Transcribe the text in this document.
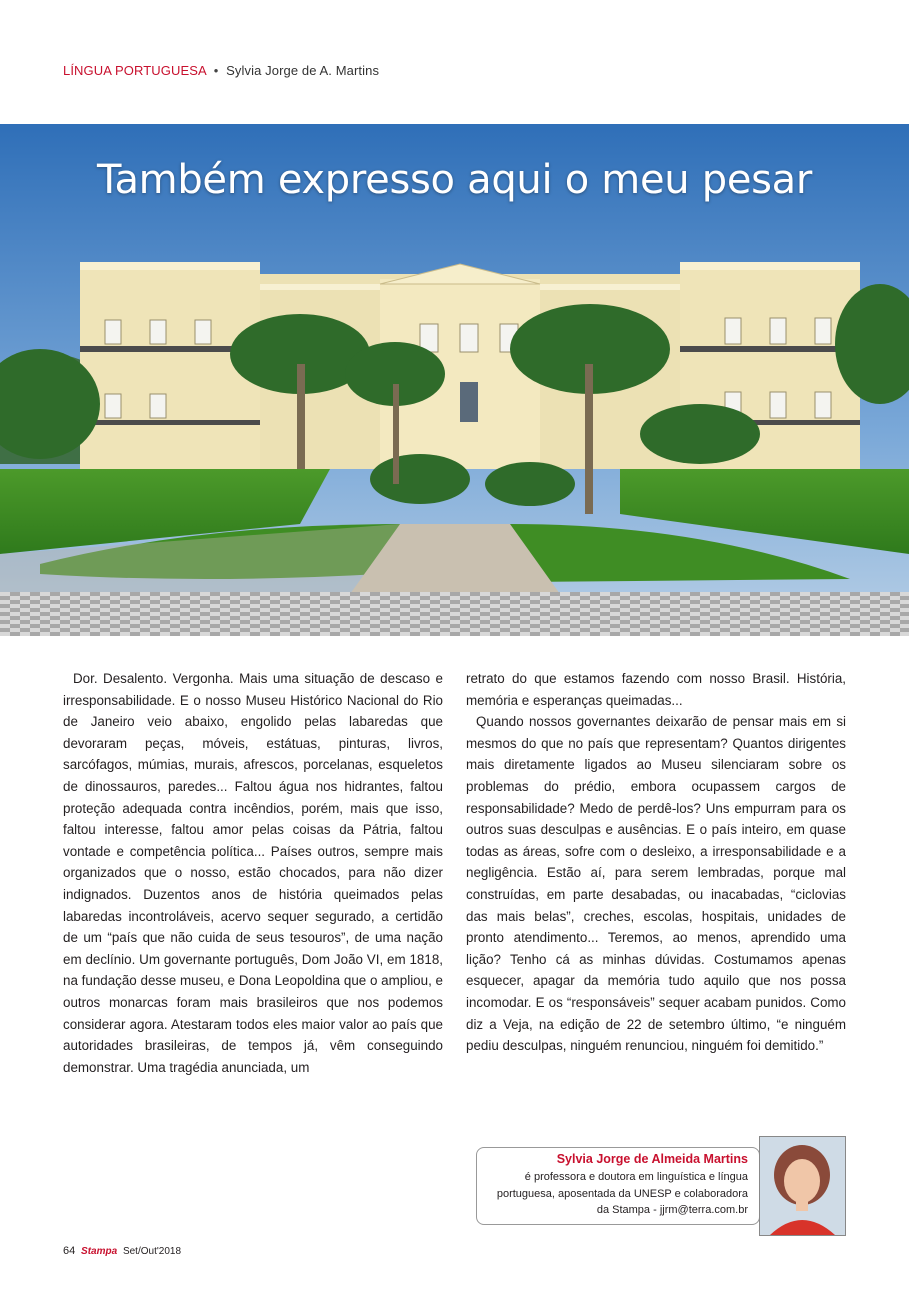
LÍNGUA PORTUGUESA • Sylvia Jorge de A. Martins
Também expresso aqui o meu pesar

Dor. Desalento. Vergonha. Mais uma situação de descaso e irresponsabilidade. E o nosso Museu Histórico Nacional do Rio de Janeiro veio abaixo, engolido pelas labaredas que devoraram peças, móveis, estátuas, pinturas, livros, sarcófagos, múmias, murais, afrescos, porcelanas, esqueletos de dinossauros, paredes... Faltou água nos hidrantes, faltou proteção adequada contra incêndios, porém, mais que isso, faltou interesse, faltou amor pelas coisas da Pátria, faltou vontade e competência política... Países outros, sempre mais organizados que o nosso, estão chocados, para não dizer indignados. Duzentos anos de história queimados pelas labaredas incontroláveis, acervo sequer segurado, a certidão de um “país que não cuida de seus tesouros”, de uma nação em declínio. Um governante português, Dom João VI, em 1818, na fundação desse museu, e Dona Leopoldina que o ampliou, e outros monarcas foram mais brasileiros que nos podemos considerar agora. Atestaram todos eles maior valor ao país que autoridades brasileiras, de tempos já, vêm conseguindo demonstrar. Uma tragédia anunciada, um

retrato do que estamos fazendo com nosso Brasil. História, memória e esperanças queimadas...

Quando nossos governantes deixarão de pensar mais em si mesmos do que no país que representam? Quantos dirigentes mais diretamente ligados ao Museu silenciaram sobre os problemas do prédio, embora ocupassem cargos de responsabilidade? Medo de perdê-los? Uns empurram para os outros suas desculpas e ausências. E o país inteiro, em quase todas as áreas, sofre com o desleixo, a irresponsabilidade e a negligência. Estão aí, para serem lembradas, porque mal construídas, em parte desabadas, ou inacabadas, “ciclovias das mais belas”, creches, escolas, hospitais, unidades de pronto atendimento... Teremos, ao menos, aprendido uma lição? Tenho cá as minhas dúvidas. Costumamos apenas esquecer, apagar da memória tudo aquilo que nos possa incomodar. E os “responsáveis” sequer acabam punidos. Como diz a Veja, na edição de 22 de setembro último, “e ninguém pediu desculpas, ninguém renunciou, ninguém foi demitido.”

Sylvia Jorge de Almeida Martins
é professora e doutora em linguística e língua
portuguesa, aposentada da UNESP e colaboradora
da Stampa - jjrm@terra.com.br
64 Stampa Set/Out'2018
